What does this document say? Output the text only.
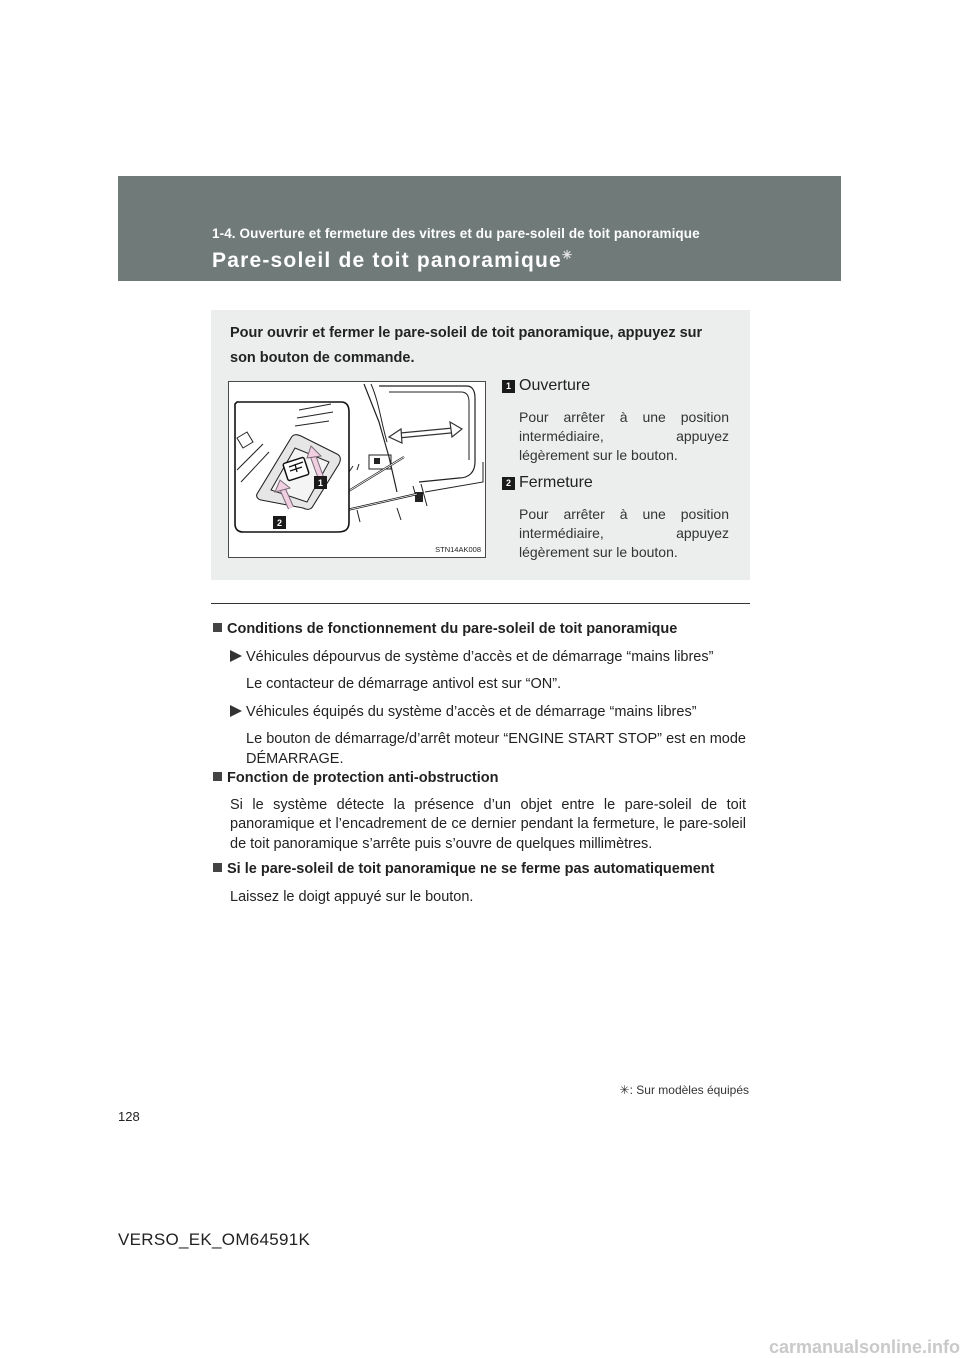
1-4. Ouverture et fermeture des vitres et du pare-soleil de toit panoramique
Pare-soleil de toit panoramique✳
Pour ouvrir et fermer le pare-soleil de toit panoramique, appuyez sur son bouton de commande.
1
2
STN14AK008
1 Ouverture
Pour arrêter à une position intermédiaire, appuyez légèrement sur le bouton.
2 Fermeture
Pour arrêter à une position intermédiaire, appuyez légèrement sur le bouton.
Conditions de fonctionnement du pare-soleil de toit panoramique
Véhicules dépourvus de système d’accès et de démarrage “mains libres”
Le contacteur de démarrage antivol est sur “ON”.
Véhicules équipés du système d’accès et de démarrage “mains libres”
Le bouton de démarrage/d’arrêt moteur “ENGINE START STOP” est en mode DÉMARRAGE.
Fonction de protection anti-obstruction
Si le système détecte la présence d’un objet entre le pare-soleil de toit panoramique et l’encadrement de ce dernier pendant la fermeture, le pare-soleil de toit panoramique s’arrête puis s’ouvre de quelques millimètres.
Si le pare-soleil de toit panoramique ne se ferme pas automatiquement
Laissez le doigt appuyé sur le bouton.
✳: Sur modèles équipés
128
VERSO_EK_OM64591K
carmanualsonline.info
